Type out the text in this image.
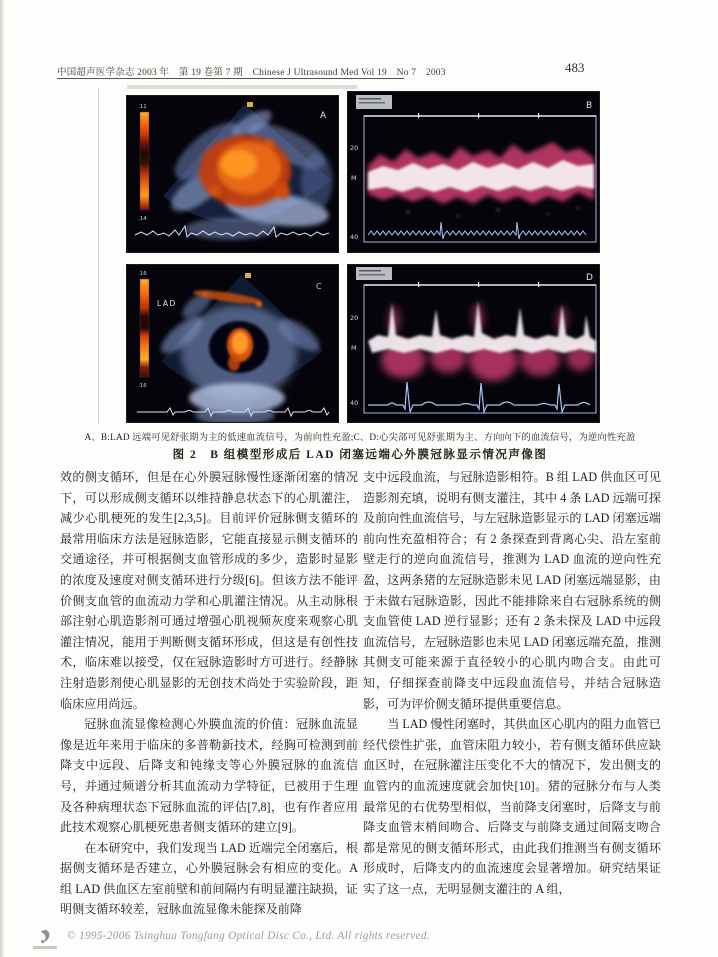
中国超声医学杂志 2003 年　第 19 卷第 7 期　Chinese J Ultrasound Med Vol 19　No 7　2003	483
.11
.14
A
20
M
40
B
.16
.16
LAD
C
20
M
40
D
A、B:LAD 远端可见舒张期为主的低速血流信号，为前向性充盈;C、D:心尖部可见舒张期为主、方向向下的血流信号，为逆向性充盈
图 2　B 组模型形成后 LAD 闭塞远端心外膜冠脉显示情况声像图

效的侧支循环，但是在心外膜冠脉慢性逐渐闭塞的情况下，可以形成侧支循环以维持静息状态下的心肌灌注，减少心肌梗死的发生[2,3,5]。目前评价冠脉侧支循环的最常用临床方法是冠脉造影，它能直接显示侧支循环的交通途径，并可根据侧支血管形成的多少，造影时显影的浓度及速度对侧支循环进行分级[6]。但该方法不能评价侧支血管的血流动力学和心肌灌注情况。从主动脉根部注射心肌造影剂可通过增强心肌视频灰度来观察心肌灌注情况，能用于判断侧支循环形成，但这是有创性技术，临床难以接受，仅在冠脉造影时方可进行。经静脉注射造影剂使心肌显影的无创技术尚处于实验阶段，距临床应用尚远。

冠脉血流显像检测心外膜血流的价值：冠脉血流显像是近年来用于临床的多普勒新技术，经胸可检测到前降支中远段、后降支和钝缘支等心外膜冠脉的血流信号，并通过频谱分析其血流动力学特征，已被用于生理及各种病理状态下冠脉血流的评估[7,8]，也有作者应用此技术观察心肌梗死患者侧支循环的建立[9]。

在本研究中，我们发现当 LAD 近端完全闭塞后，根据侧支循环是否建立，心外膜冠脉会有相应的变化。A 组 LAD 供血区左室前壁和前间隔内有明显灌注缺损，证明侧支循环较差，冠脉血流显像未能探及前降

支中远段血流，与冠脉造影相符。B 组 LAD 供血区可见造影剂充填，说明有侧支灌注，其中 4 条 LAD 远端可探及前向性血流信号，与左冠脉造影显示的 LAD 闭塞远端前向性充盈相符合；有 2 条探查到背离心尖、沿左室前壁走行的逆向血流信号，推测为 LAD 血流的逆向性充盈，这两条猪的左冠脉造影未见 LAD 闭塞远端显影，由于未做右冠脉造影，因此不能排除来自右冠脉系统的侧支血管使 LAD 逆行显影；还有 2 条未探及 LAD 中远段血流信号，左冠脉造影也未见 LAD 闭塞远端充盈，推测其侧支可能来源于直径较小的心肌内吻合支。由此可知，仔细探查前降支中远段血流信号，并结合冠脉造影，可为评价侧支循环提供重要信息。

当 LAD 慢性闭塞时，其供血区心肌内的阻力血管已经代偿性扩张，血管床阻力较小，若有侧支循环供应缺血区时，在冠脉灌注压变化不大的情况下，发出侧支的血管内的血流速度就会加快[10]。猪的冠脉分布与人类最常见的右优势型相似，当前降支闭塞时，后降支与前降支血管末梢间吻合、后降支与前降支通过间隔支吻合都是常见的侧支循环形式，由此我们推测当有侧支循环形成时，后降支内的血流速度会显著增加。研究结果证实了这一点，无明显侧支灌注的 A 组，

© 1995-2006 Tsinghua Tongfang Optical Disc Co., Ltd. All rights reserved.
